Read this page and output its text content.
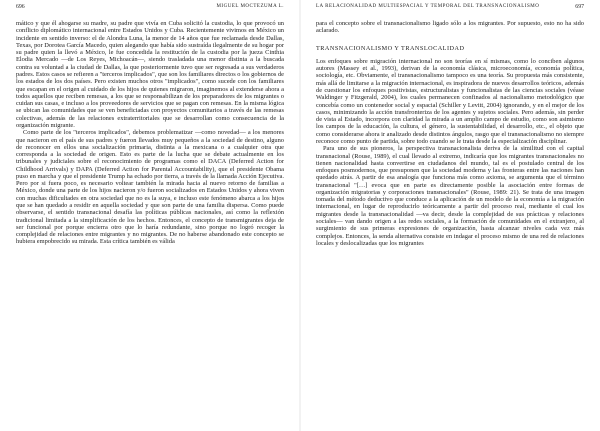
696	MIGUEL MOCTEZUMA L.

mático y que él ahogarse su madre, su padre que vivía en Cuba solicitó la custodia, lo que provocó un conflicto diplomático internacional entre Estados Unidos y Cuba. Recientemente vivimos en México un incidente en sentido inverso: el de Alondra Luna, la menor de 14 años que fue reclamada desde Dallas, Texas, por Dorotea García Macedo, quien alegando que había sido sustraída ilegalmente de su hogar por su padre quien la llevó a México, le fue concedida la restitución de la custodia por la jueza Cinthia Elodia Mercado —de Los Reyes, Michoacán—, siendo trasladada una menor distinta a la buscada contra su voluntad a la ciudad de Dallas, la que posteriormente tuvo que ser regresada a sus verdaderos padres. Estos casos se refieren a "terceros implicados", que son los familiares directos o los gobiernos de los estados de los dos países. Pero existen muchos otros "implicados", como sucede con los familiares que escapan en el origen al cuidado de los hijos de quienes migraron, imaginemos al extenderse ahora a todos aquellos que reciben remesas, a los que se responsabilizan de los preparadores de los migrantes o cuidan sus casas, e incluso a los proveedores de servicios que se pagan con remesas. En la misma lógica se ubican las comunidades que se ven beneficiadas con proyectos comunitarios a través de las remesas colectivas, además de las relaciones extraterritoriales que se desarrollan como consecuencia de la organización migrante.

Como parte de los "terceros implicados", debemos problematizar —como novedad— a los menores que nacieron en el país de sus padres y fueron llevados muy pequeños a la sociedad de destino, alguno de reconocer en ellos una socialización primaria, distinta a la mexicana o a cualquier otra que corresponda a la sociedad de origen. Esto es parte de la lucha que se debate actualmente en los tribunales y judiciales sobre el reconocimiento de programas como el DACA (Deferred Action for Childhood Arrivals) y DAPA (Deferred Action for Parental Accountability), que el presidente Obama puso en marcha y que el presidente Trump ha echado por tierra, a través de la llamada Acción Ejecutiva. Pero por si fuera poco, es necesario voltear también la mirada hacia al nuevo retorno de familias a México, donde una parte de los hijos nacieron y/o fueron socializados en Estados Unidos y ahora viven con muchas dificultades en otra sociedad que no es la suya, e incluso este fenómeno abarca a los hijos que se han quedado a residir en aquella sociedad y que son parte de una familia dispersa. Como puede observarse, el sentido transnacional desafía las políticas públicas nacionales, así como la reflexión tradicional limitada a la simplificación de los hechos. Entonces, el concepto de transmigrantes deja de ser funcional por porque encierra otro que lo haría redundante, sino porque no logró recoger la complejidad de relaciones entre migrantes y no migrantes. De no haberse abandonado este concepto se hubiera empobrecido su mirada. Esta crítica también es válida

LA RELACIONALIDAD MULTIESPACIAL Y TEMPORAL DEL TRANSNACIONALISMO	697

para el concepto sobre el transnacionalismo ligado sólo a los migrantes. Por supuesto, esto no ha sido aclarado.

TRANSNACIONALISMO Y TRANSLOCALIDAD

Los enfoques sobre migración internacional no son teorías en sí mismas, como lo conciben algunos autores (Massey et al., 1993), derivan de la economía clásica, microeconomía, economía política, sociología, etc. Obviamente, el transnacionalismo tampoco es una teoría. Su propuesta más consistente, más allá de limitarse a la migración internacional, es inspiradora de nuevos desarrollos teóricos, además de cuestionar los enfoques positivistas, estructuralistas y funcionalistas de las ciencias sociales (véase Waldinger y Fitzgerald, 2004), los cuales permanecen confinados al nacionalismo metodológico que concebía como un contenedor social y espacial (Schiller y Levitt, 2004) ignorando, y en el mejor de los casos, minimizando la acción transfronteriza de los agentes y sujetos sociales. Pero además, sin perder de vista al Estado, incorpora con claridad la mirada a un amplio campo de estudio, como son asimismo los campos de la educación, la cultura, el género, la sustentabilidad, el desarrollo, etc., el objeto que como considerarse ahora ir analizado desde distintos ángulos, rasgo que el transnacionalismo no siempre reconoce como punto de partida, sobre todo cuando se le trata desde la especialización disciplinar.

Para uno de sus pioneros, la perspectiva transnacionalista deriva de la similitud con el capital transnacional (Rouse, 1989), el cual llevado al extremo, indicaría que los migrantes transnacionales no tienen nacionalidad hasta convertirse en ciudadanos del mundo, tal es el postulado central de los enfoques posmodernos, que presuponen que la sociedad moderna y las fronteras entre las naciones han quedado atrás. A partir de esa analogía que funciona más como axioma, se argumenta que el término transnacional "[…] evoca que en parte es directamente posible la asociación entre formas de organización migratorias y corporaciones transnacionales" (Rouse, 1989: 21). Se trata de una imagen tomada del método deductivo que conduce a la aplicación de un modelo de la economía a la migración internacional, en lugar de reproducirlo teóricamente a partir del proceso real, mediante el cual los migrantes desde la transnacionalidad —va decir, desde la complejidad de sus prácticas y relaciones sociales— van dando origen a las redes sociales, a la formación de comunidades en el extranjero, al surgimiento de sus primeras expresiones de organización, hasta alcanzar niveles cada vez más complejos. Entonces, la senda alternativa consiste en indagar el proceso mismo de una red de relaciones locales y deslocalizadas que los migrantes
